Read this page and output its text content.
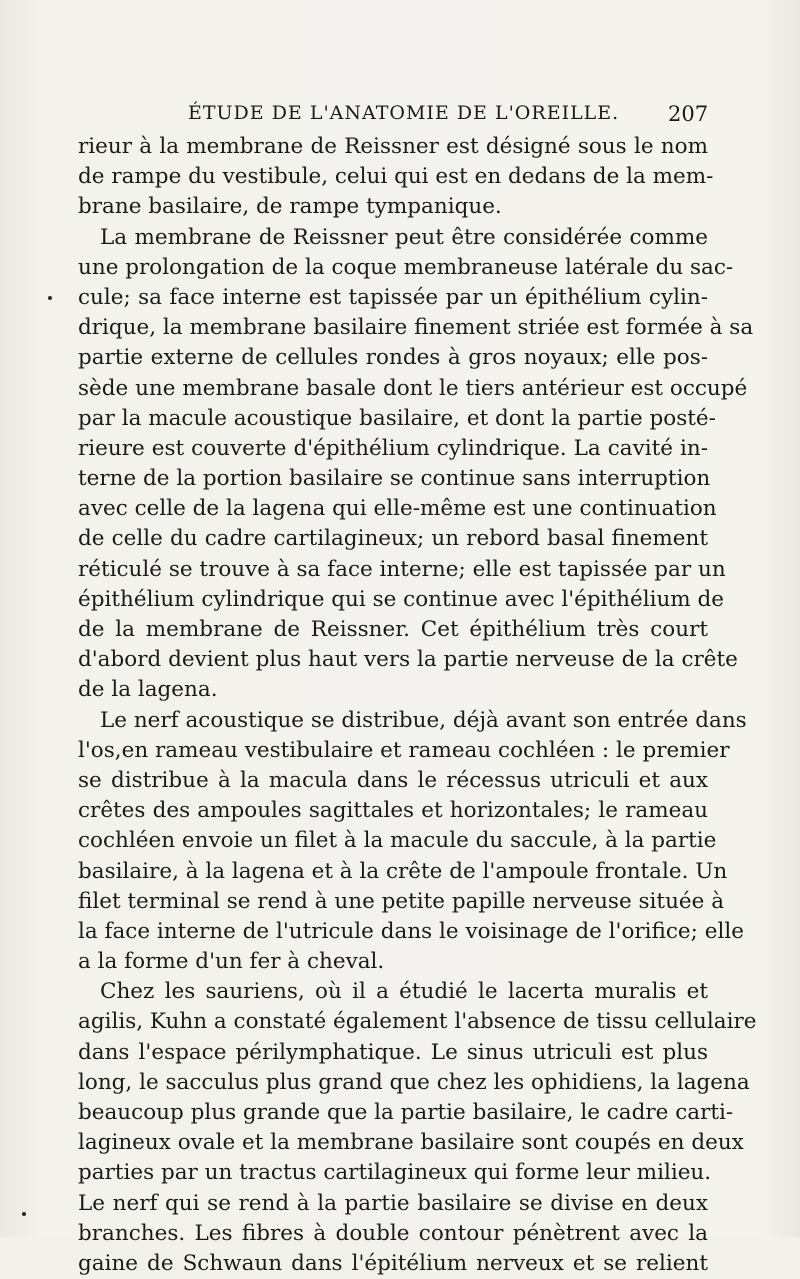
ÉTUDE DE L'ANATOMIE DE L'OREILLE. 207
rieur à la membrane de Reissner est désigné sous le nom
de rampe du vestibule, celui qui est en dedans de la mem-
brane basilaire, de rampe tympanique.
La membrane de Reissner peut être considérée comme
une prolongation de la coque membraneuse latérale du sac-
cule; sa face interne est tapissée par un épithélium cylin-
drique, la membrane basilaire finement striée est formée à sa
partie externe de cellules rondes à gros noyaux; elle pos-
sède une membrane basale dont le tiers antérieur est occupé
par la macule acoustique basilaire, et dont la partie posté-
rieure est couverte d'épithélium cylindrique. La cavité in-
terne de la portion basilaire se continue sans interruption
avec celle de la lagena qui elle-même est une continuation
de celle du cadre cartilagineux; un rebord basal finement
réticulé se trouve à sa face interne; elle est tapissée par un
épithélium cylindrique qui se continue avec l'épithélium de
de la membrane de Reissner. Cet épithélium très court
d'abord devient plus haut vers la partie nerveuse de la crête
de la lagena.
Le nerf acoustique se distribue, déjà avant son entrée dans
l'os,en rameau vestibulaire et rameau cochléen : le premier
se distribue à la macula dans le récessus utriculi et aux
crêtes des ampoules sagittales et horizontales; le rameau
cochléen envoie un filet à la macule du saccule, à la partie
basilaire, à la lagena et à la crête de l'ampoule frontale. Un
filet terminal se rend à une petite papille nerveuse située à
la face interne de l'utricule dans le voisinage de l'orifice; elle
a la forme d'un fer à cheval.
Chez les sauriens, où il a étudié le lacerta muralis et
agilis, Kuhn a constaté également l'absence de tissu cellulaire
dans l'espace périlymphatique. Le sinus utriculi est plus
long, le sacculus plus grand que chez les ophidiens, la lagena
beaucoup plus grande que la partie basilaire, le cadre carti-
lagineux ovale et la membrane basilaire sont coupés en deux
parties par un tractus cartilagineux qui forme leur milieu.
Le nerf qui se rend à la partie basilaire se divise en deux
branches. Les fibres à double contour pénètrent avec la
gaine de Schwaun dans l'épitélium nerveux et se relient
